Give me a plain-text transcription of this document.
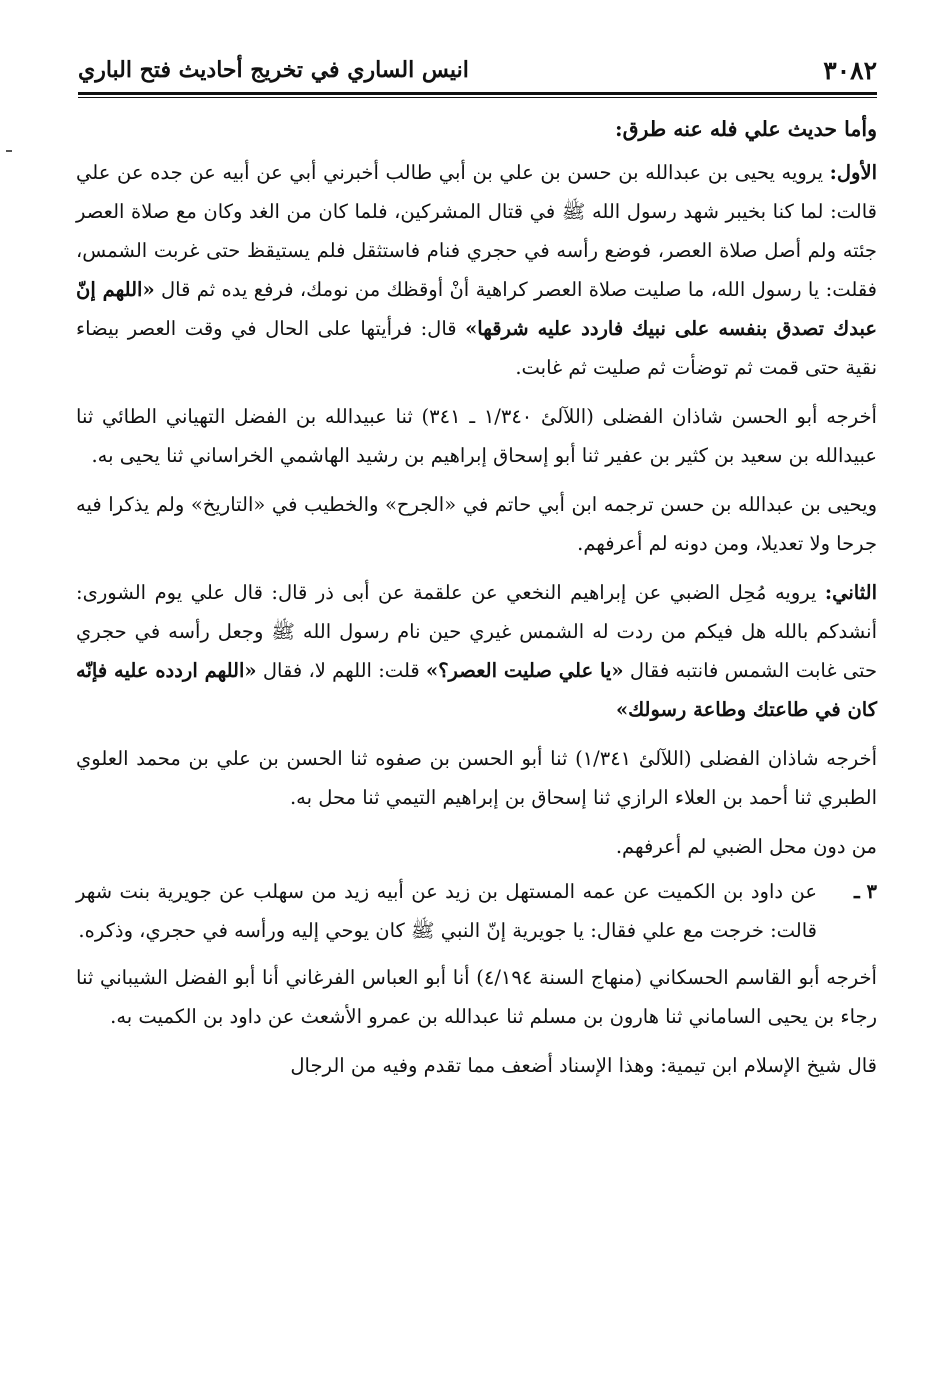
٣٠٨٢
انيس الساري في تخريج أحاديث فتح الباري
وأما حديث علي فله عنه طرق:

الأول: يرويه يحيى بن عبدالله بن حسن بن علي بن أبي طالب أخبرني أبي عن أبيه عن جده عن علي قالت: لما كنا بخيبر شهد رسول الله ﷺ في قتال المشركين، فلما كان من الغد وكان مع صلاة العصر جئته ولم أصل صلاة العصر، فوضع رأسه في حجري فنام فاستثقل فلم يستيقظ حتى غربت الشمس، فقلت: يا رسول الله، ما صليت صلاة العصر كراهية أنْ أوقظك من نومك، فرفع يده ثم قال «اللهم إنّ عبدك تصدق بنفسه على نبيك فاردد عليه شرقها» قال: فرأيتها على الحال في وقت العصر بيضاء نقية حتى قمت ثم توضأت ثم صليت ثم غابت.

أخرجه أبو الحسن شاذان الفضلى (اللآلئ ١/٣٤٠ ـ ٣٤١) ثنا عبيدالله بن الفضل التهياني الطائي ثنا عبيدالله بن سعيد بن كثير بن عفير ثنا أبو إسحاق إبراهيم بن رشيد الهاشمي الخراساني ثنا يحيى به.

ويحيى بن عبدالله بن حسن ترجمه ابن أبي حاتم في «الجرح» والخطيب في «التاريخ» ولم يذكرا فيه جرحا ولا تعديلا، ومن دونه لم أعرفهم.

الثاني: يرويه مُحِل الضبي عن إبراهيم النخعي عن علقمة عن أبى ذر قال: قال علي يوم الشورى: أنشدكم بالله هل فيكم من ردت له الشمس غيري حين نام رسول الله ﷺ وجعل رأسه في حجري حتى غابت الشمس فانتبه فقال «يا علي صليت العصر؟» قلت: اللهم لا، فقال «اللهم اردده عليه فإنّه كان في طاعتك وطاعة رسولك»

أخرجه شاذان الفضلى (اللآلئ ١/٣٤١) ثنا أبو الحسن بن صفوه ثنا الحسن بن علي بن محمد العلوي الطبري ثنا أحمد بن العلاء الرازي ثنا إسحاق بن إبراهيم التيمي ثنا محل به.

من دون محل الضبي لم أعرفهم.

٣ ـ
عن داود بن الكميت عن عمه المستهل بن زيد عن أبيه زيد من سهلب عن جويرية بنت شهر قالت: خرجت مع علي فقال: يا جويرية إنّ النبي ﷺ كان يوحي إليه ورأسه في حجري، وذكره.

أخرجه أبو القاسم الحسكاني (منهاج السنة ٤/١٩٤) أنا أبو العباس الفرغاني أنا أبو الفضل الشيباني ثنا رجاء بن يحيى الساماني ثنا هارون بن مسلم ثنا عبدالله بن عمرو الأشعث عن داود بن الكميت به.

قال شيخ الإسلام ابن تيمية: وهذا الإسناد أضعف مما تقدم وفيه من الرجال
